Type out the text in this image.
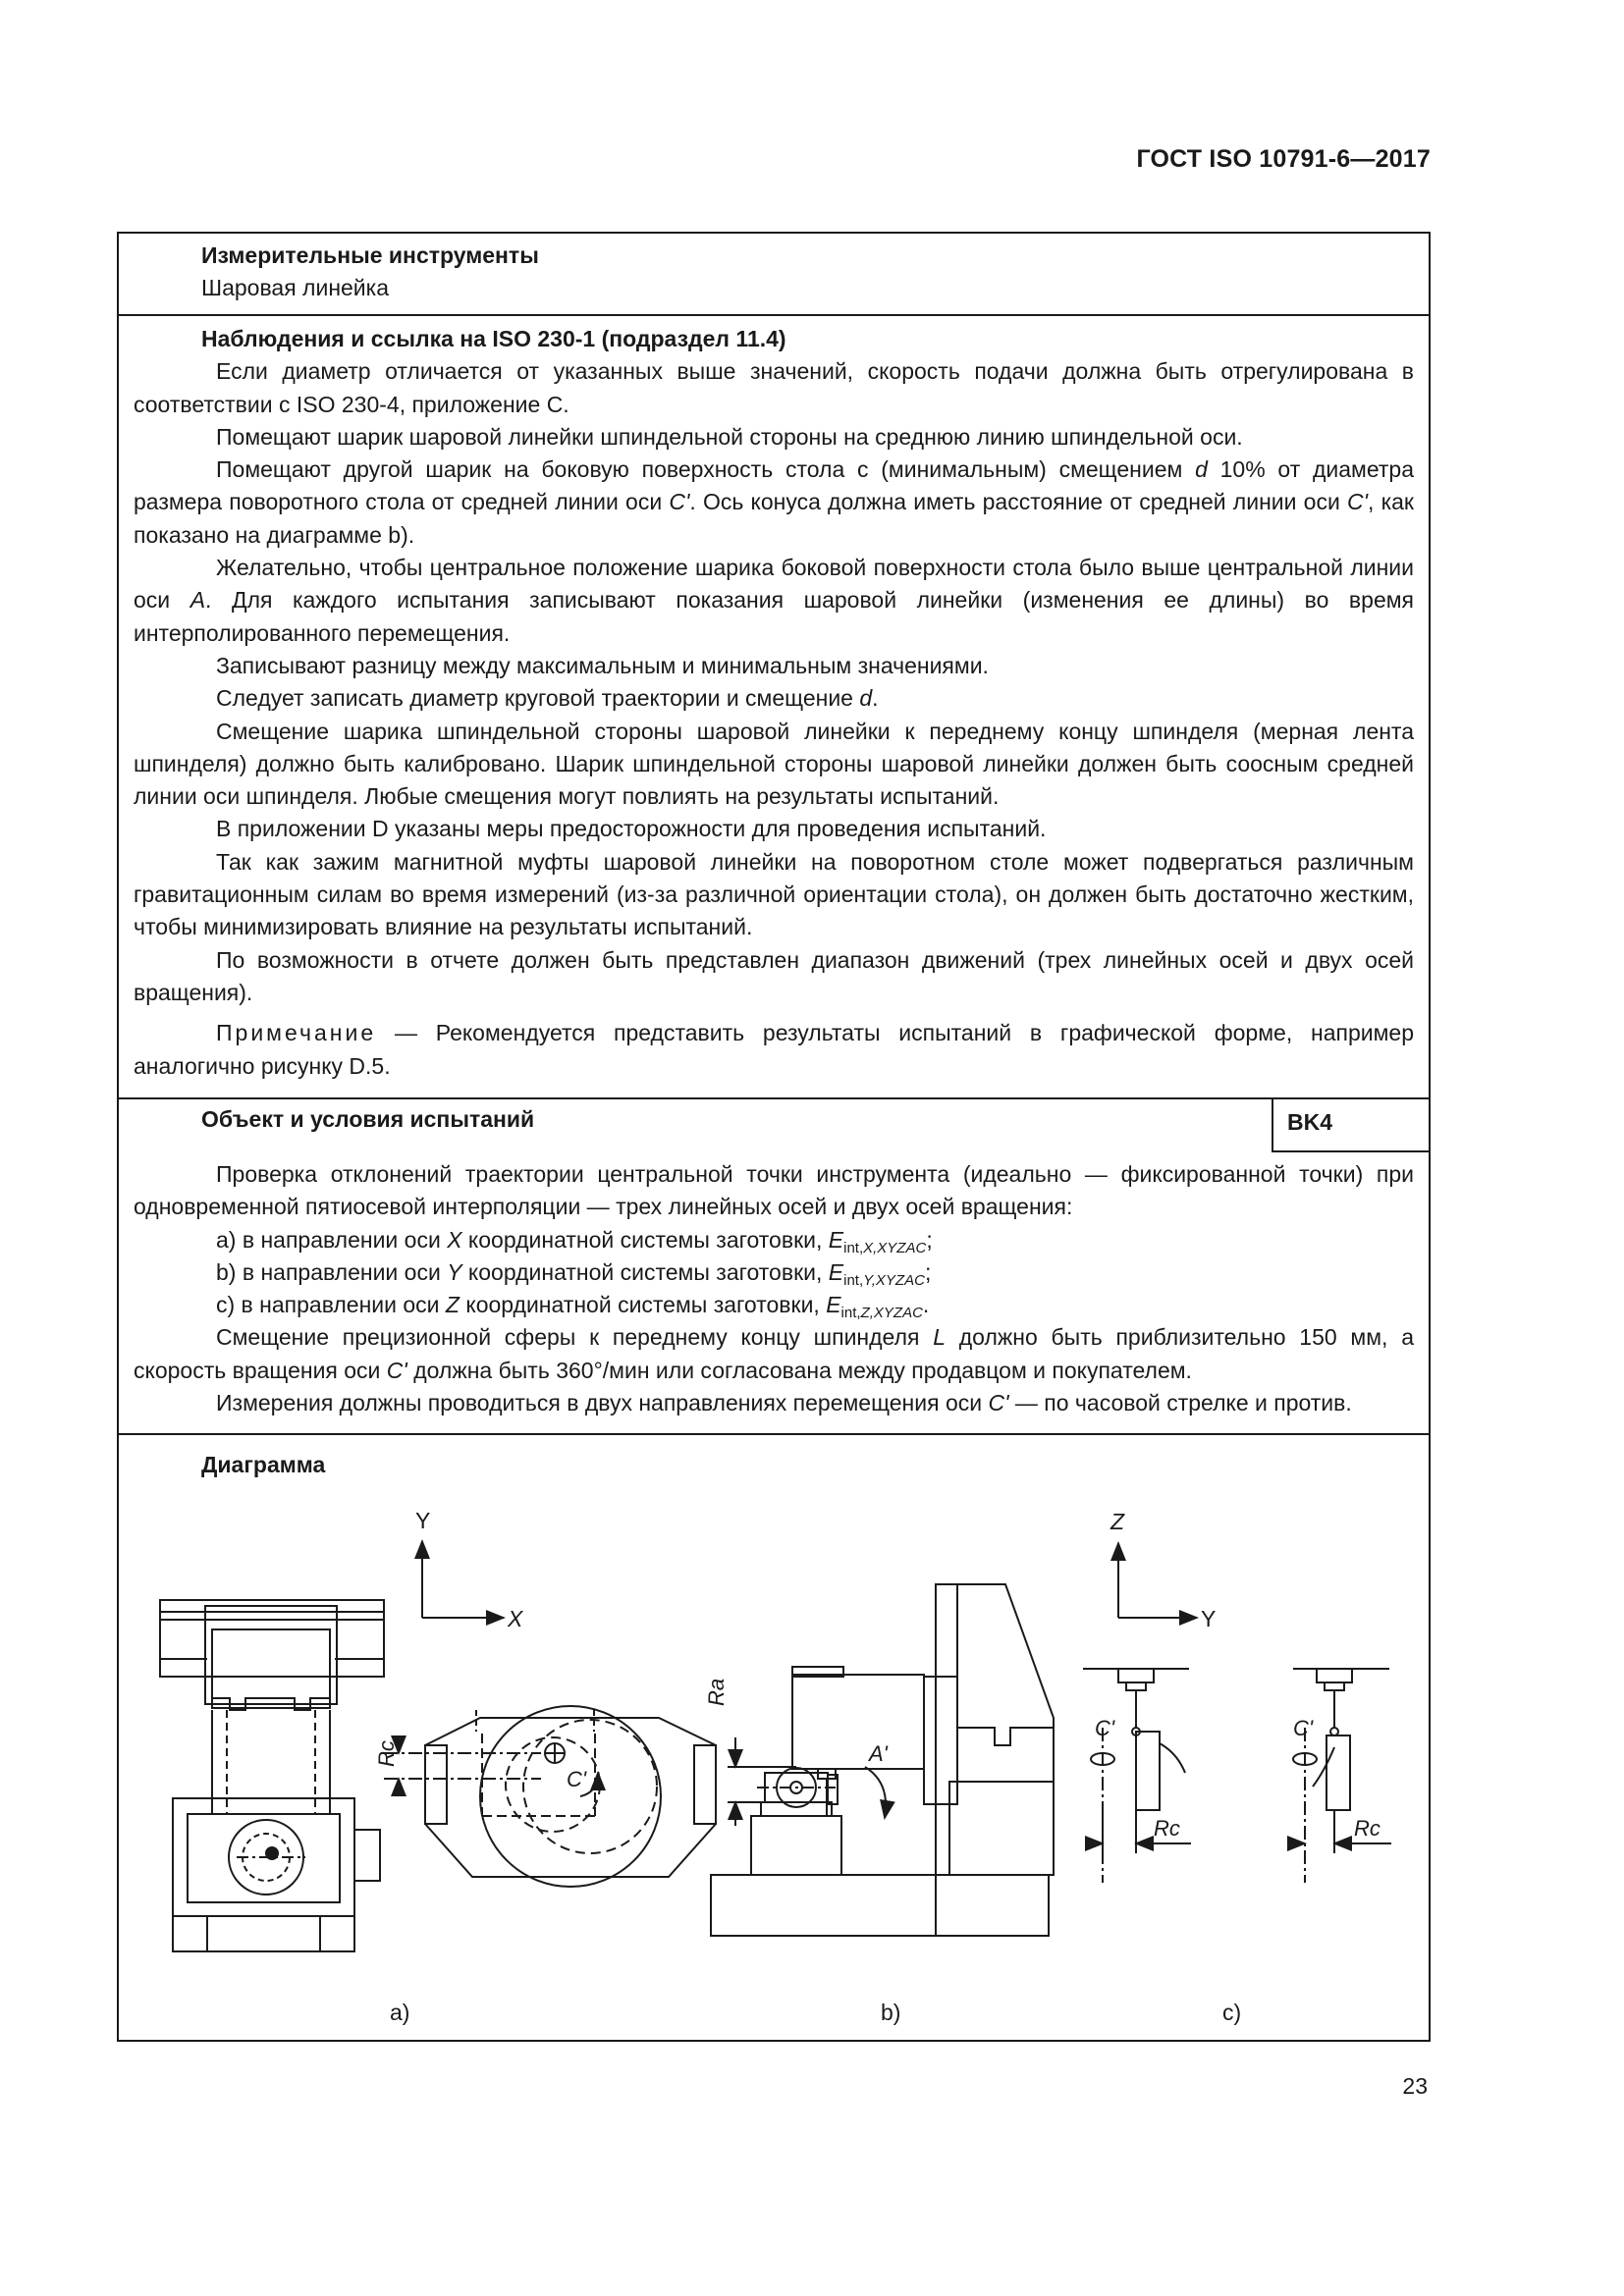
ГОСТ ISO 10791-6—2017
Измерительные инструменты
Шаровая линейка
Наблюдения и ссылка на ISO 230-1 (подраздел 11.4)

Если диаметр отличается от указанных выше значений, скорость подачи должна быть отрегулирована в соответствии с ISO 230-4, приложение С.

Помещают шарик шаровой линейки шпиндельной стороны на среднюю линию шпиндельной оси.

Помещают другой шарик на боковую поверхность стола с (минимальным) смещением d 10% от диаметра размера поворотного стола от средней линии оси C'. Ось конуса должна иметь расстояние от средней линии оси C', как показано на диаграмме b).

Желательно, чтобы центральное положение шарика боковой поверхности стола было выше центральной линии оси A. Для каждого испытания записывают показания шаровой линейки (изменения ее длины) во время интерполированного перемещения.

Записывают разницу между максимальным и минимальным значениями.

Следует записать диаметр круговой траектории и смещение d.

Смещение шарика шпиндельной стороны шаровой линейки к переднему концу шпинделя (мерная лента шпинделя) должно быть калибровано. Шарик шпиндельной стороны шаровой линейки должен быть соосным средней линии оси шпинделя. Любые смещения могут повлиять на результаты испытаний.

В приложении D указаны меры предосторожности для проведения испытаний.

Так как зажим магнитной муфты шаровой линейки на поворотном столе может подвергаться различным гравитационным силам во время измерений (из-за различной ориентации стола), он должен быть достаточно жестким, чтобы минимизировать влияние на результаты испытаний.

По возможности в отчете должен быть представлен диапазон движений (трех линейных осей и двух осей вращения).

Примечание — Рекомендуется представить результаты испытаний в графической форме, например аналогично рисунку D.5.

BK4
Объект и условия испытаний

Проверка отклонений траектории центральной точки инструмента (идеально — фиксированной точки) при одновременной пятиосевой интерполяции — трех линейных осей и двух осей вращения:

a) в направлении оси X координатной системы заготовки, $E_{int,X,XYZAC}$;

b) в направлении оси Y координатной системы заготовки, $E_{int,Y,XYZAC}$;

c) в направлении оси Z координатной системы заготовки, $E_{int,Z,XYZAC}$.

Смещение прецизионной сферы к переднему концу шпинделя L должно быть приблизительно 150 мм, а скорость вращения оси C' должна быть 360°/мин или согласована между продавцом и покупателем.

Измерения должны проводиться в двух направлениях перемещения оси C' — по часовой стрелке и против.

Диаграмма
Y
X
Rc
C'
a)
Ra
A'
b)
Z
Y
C'
Rc
C'
Rc
c)
23
